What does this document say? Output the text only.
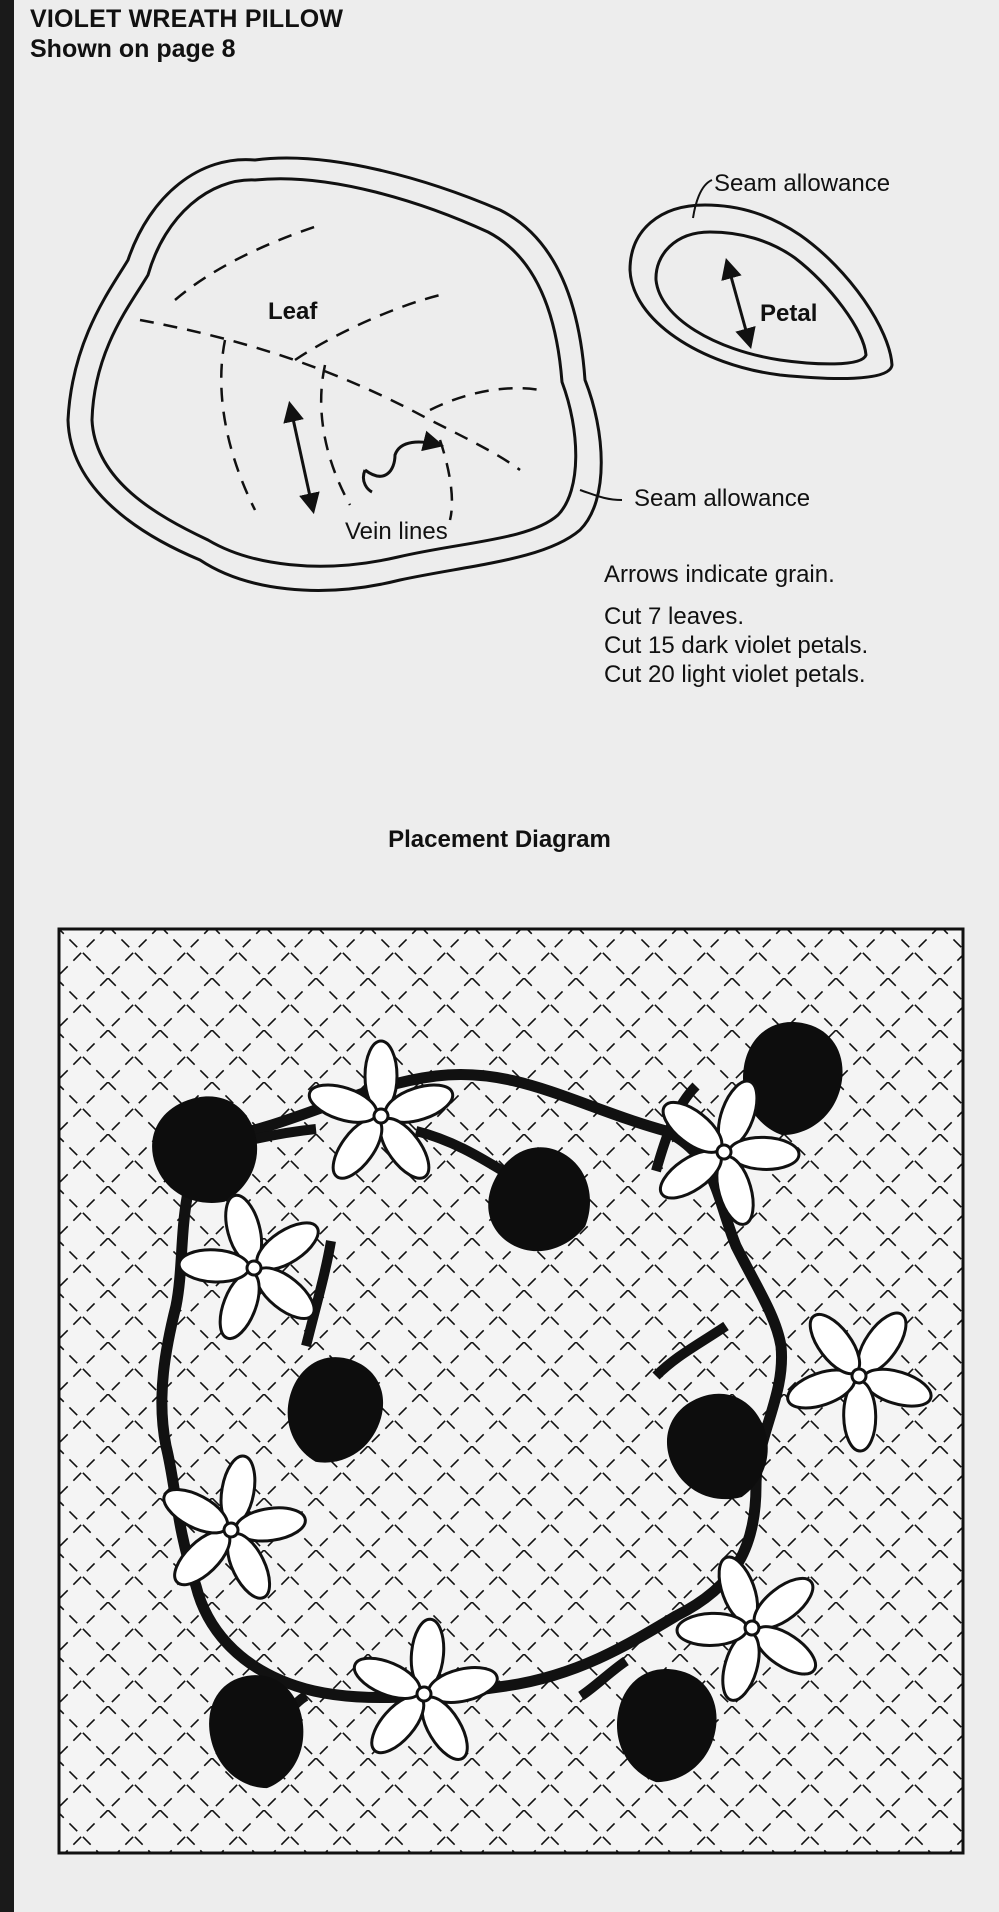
VIOLET WREATH PILLOW
Shown on page 8
Leaf	Petal
Vein lines
Seam allowance
Seam allowance
Arrows indicate grain.
Cut 7 leaves.
Cut 15 dark violet petals.
Cut 20 light violet petals.
Placement Diagram
